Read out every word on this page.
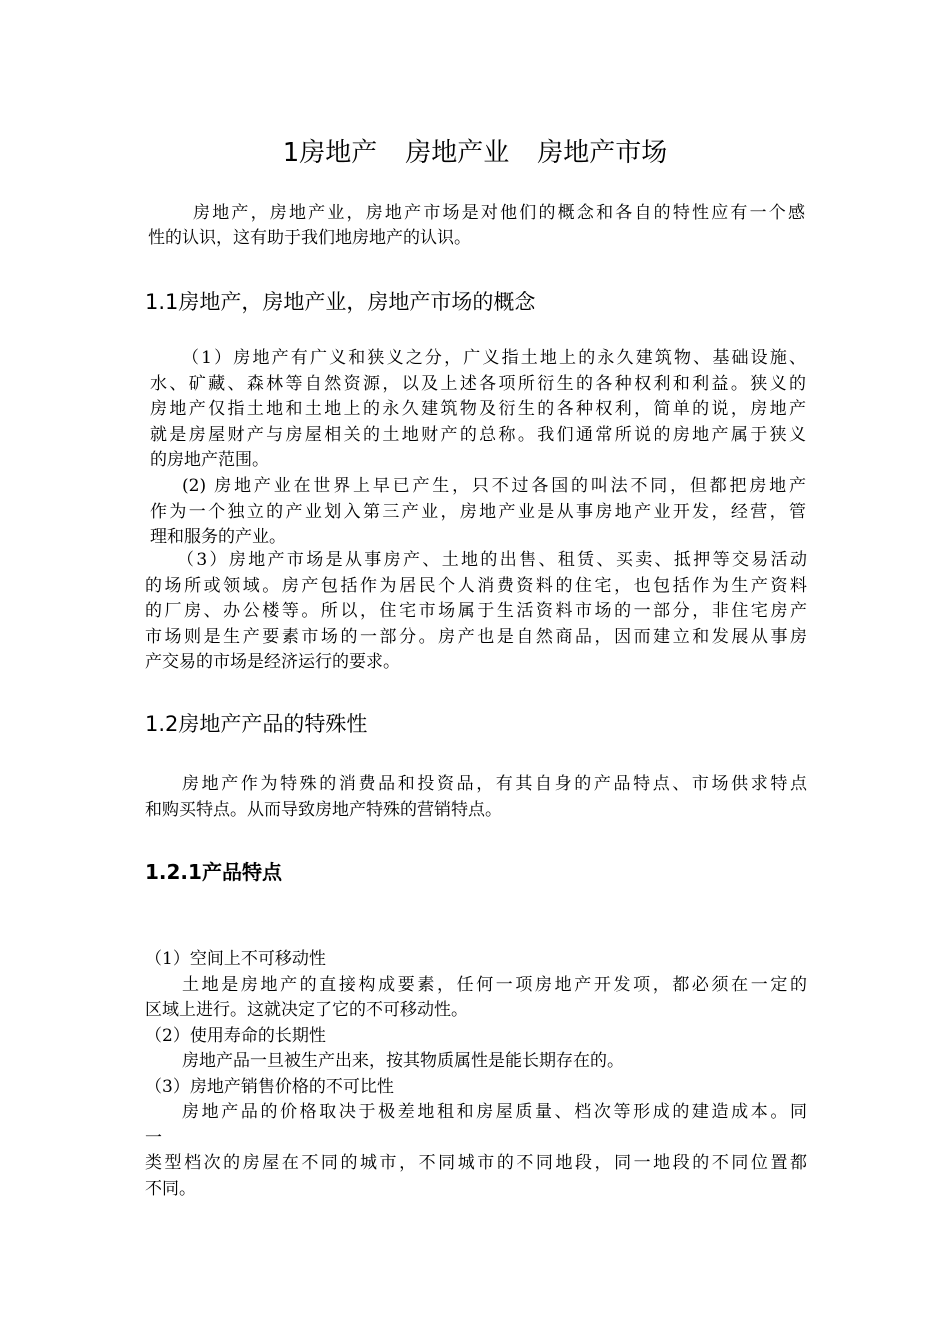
1房地产 房地产业 房地产市场
房地产，房地产业，房地产市场是对他们的概念和各自的特性应有一个感
性的认识，这有助于我们地房地产的认识。
1.1房地产，房地产业，房地产市场的概念
（1）房地产有广义和狭义之分，广义指土地上的永久建筑物、基础设施、
水、矿藏、森林等自然资源，以及上述各项所衍生的各种权利和利益。狭义的
房地产仅指土地和土地上的永久建筑物及衍生的各种权利，简单的说，房地产
就是房屋财产与房屋相关的土地财产的总称。我们通常所说的房地产属于狭义
的房地产范围。
(2) 房地产业在世界上早已产生，只不过各国的叫法不同，但都把房地产
作为一个独立的产业划入第三产业，房地产业是从事房地产业开发，经营，管
理和服务的产业。
（3）房地产市场是从事房产、土地的出售、租赁、买卖、抵押等交易活动
的场所或领域。房产包括作为居民个人消费资料的住宅，也包括作为生产资料
的厂房、办公楼等。所以，住宅市场属于生活资料市场的一部分，非住宅房产
市场则是生产要素市场的一部分。房产也是自然商品，因而建立和发展从事房
产交易的市场是经济运行的要求。
1.2房地产产品的特殊性
房地产作为特殊的消费品和投资品，有其自身的产品特点、市场供求特点
和购买特点。从而导致房地产特殊的营销特点。
1.2.1产品特点
（1）空间上不可移动性
土地是房地产的直接构成要素，任何一项房地产开发项，都必须在一定的
区域上进行。这就决定了它的不可移动性。
（2）使用寿命的长期性
房地产品一旦被生产出来，按其物质属性是能长期存在的。
（3）房地产销售价格的不可比性
房地产品的价格取决于极差地租和房屋质量、档次等形成的建造成本。同
一
类型档次的房屋在不同的城市，不同城市的不同地段，同一地段的不同位置都
不同。
